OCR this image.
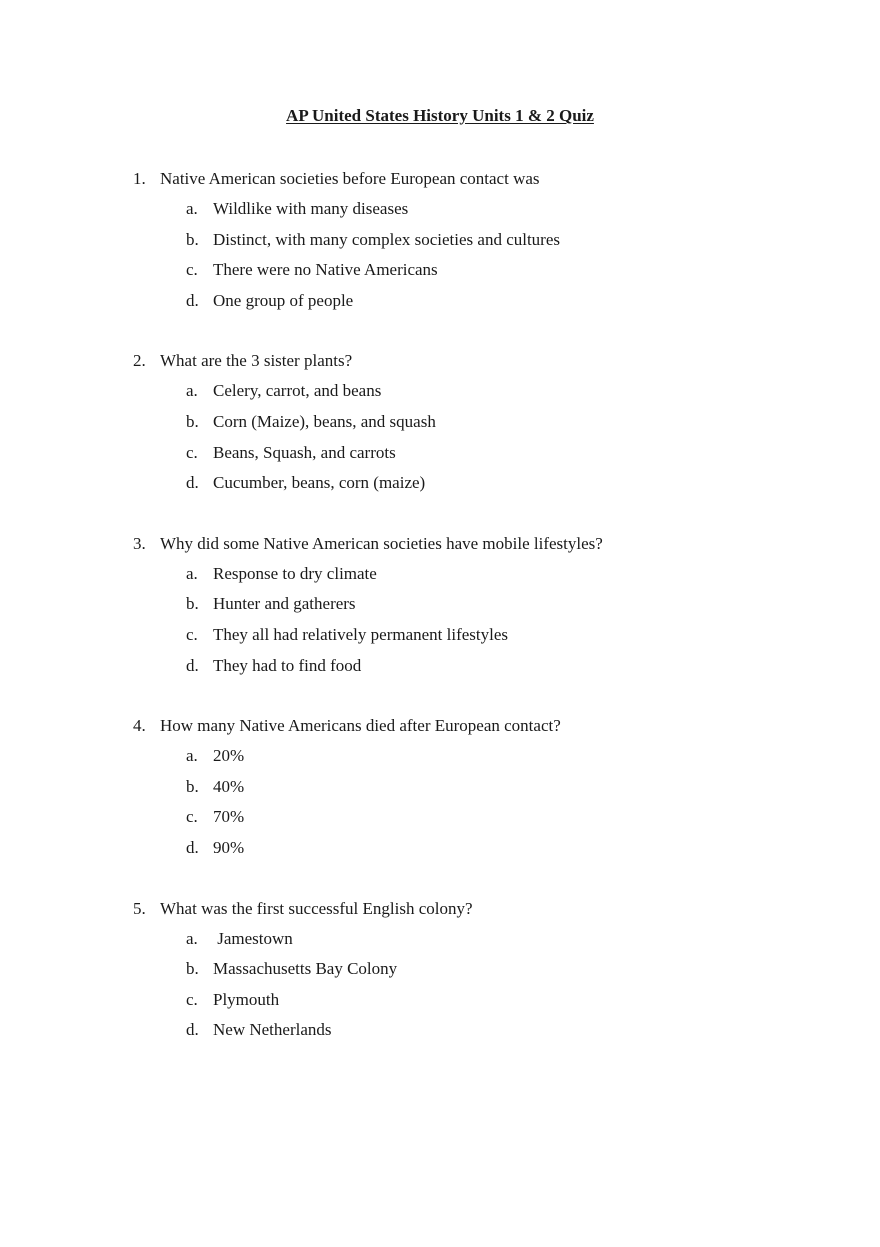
AP United States History Units 1 & 2 Quiz
1. Native American societies before European contact was
a. Wildlike with many diseases
b. Distinct, with many complex societies and cultures
c. There were no Native Americans
d. One group of people
2. What are the 3 sister plants?
a. Celery, carrot, and beans
b. Corn (Maize), beans, and squash
c. Beans, Squash, and carrots
d. Cucumber, beans, corn (maize)
3. Why did some Native American societies have mobile lifestyles?
a. Response to dry climate
b. Hunter and gatherers
c. They all had relatively permanent lifestyles
d. They had to find food
4. How many Native Americans died after European contact?
a. 20%
b. 40%
c. 70%
d. 90%
5. What was the first successful English colony?
a. Jamestown
b. Massachusetts Bay Colony
c. Plymouth
d. New Netherlands
